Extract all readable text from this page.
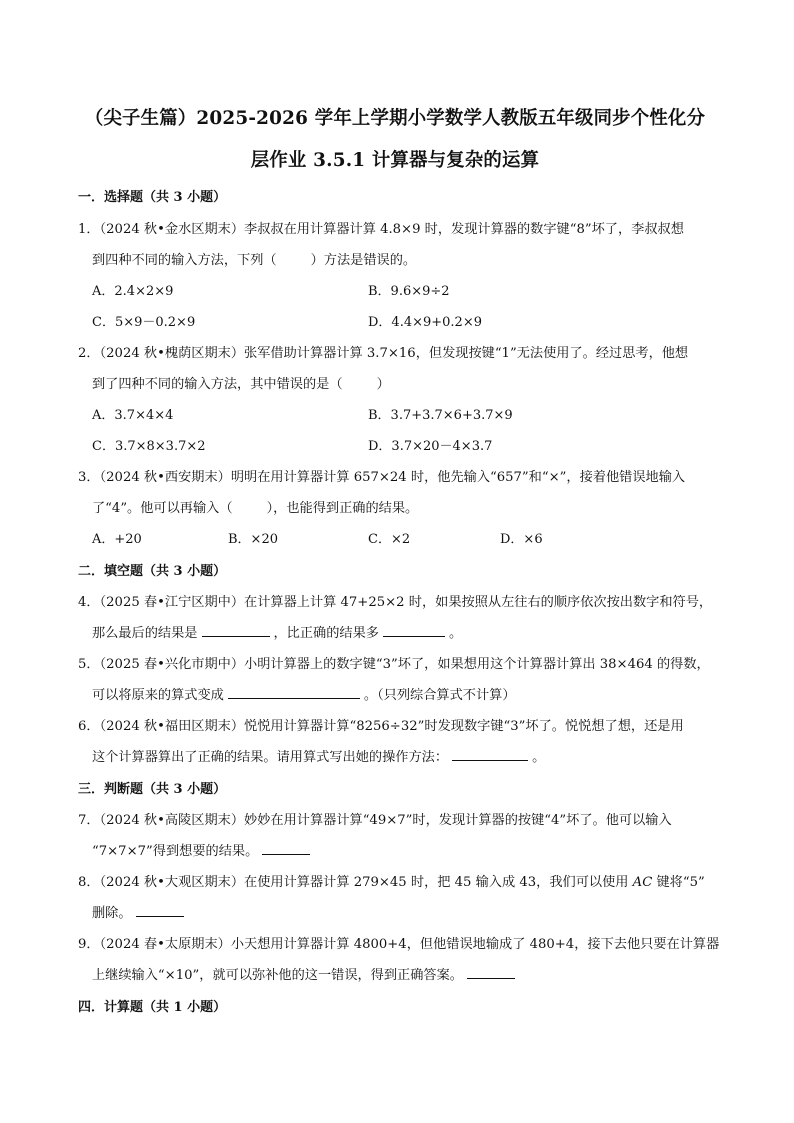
（尖子生篇）2025-2026 学年上学期小学数学人教版五年级同步个性化分
层作业 3.5.1 计算器与复杂的运算
一．选择题（共 3 小题）
1．（2024 秋•金水区期末）李叔叔在用计算器计算 4.8×9 时，发现计算器的数字键“8”坏了，李叔叔想
到四种不同的输入方法，下列（	）方法是错误的。
A．2.4×2×9	B．9.6×9÷2
C．5×9－0.2×9	D．4.4×9+0.2×9
2．（2024 秋•槐荫区期末）张军借助计算器计算 3.7×16，但发现按键“1”无法使用了。经过思考，他想
到了四种不同的输入方法，其中错误的是（	）
A．3.7×4×4	B．3.7+3.7×6+3.7×9
C．3.7×8×3.7×2	D．3.7×20－4×3.7
3．（2024 秋•西安期末）明明在用计算器计算 657×24 时，他先输入“657”和“×”，接着他错误地输入
了“4”。他可以再输入（	），也能得到正确的结果。
A．+20	B．×20	C．×2	D．×6
二．填空题（共 3 小题）
4．（2025 春•江宁区期中）在计算器上计算 47+25×2 时，如果按照从左往右的顺序依次按出数字和符号，
那么最后的结果是	，比正确的结果多	。
5．（2025 春•兴化市期中）小明计算器上的数字键“3”坏了，如果想用这个计算器计算出 38×464 的得数，
可以将原来的算式变成	。（只列综合算式不计算）
6．（2024 秋•福田区期末）悦悦用计算器计算“8256÷32”时发现数字键“3”坏了。悦悦想了想，还是用
这个计算器算出了正确的结果。请用算式写出她的操作方法：	。
三．判断题（共 3 小题）
7．（2024 秋•高陵区期末）妙妙在用计算器计算“49×7”时，发现计算器的按键“4”坏了。他可以输入
“7×7×7”得到想要的结果。
8．（2024 秋•大观区期末）在使用计算器计算 279×45 时，把 45 输入成 43，我们可以使用 AC 键将“5”
删除。
9．（2024 春•太原期末）小天想用计算器计算 4800+4，但他错误地输成了 480+4，接下去他只要在计算器
上继续输入“×10”，就可以弥补他的这一错误，得到正确答案。
四．计算题（共 1 小题）
